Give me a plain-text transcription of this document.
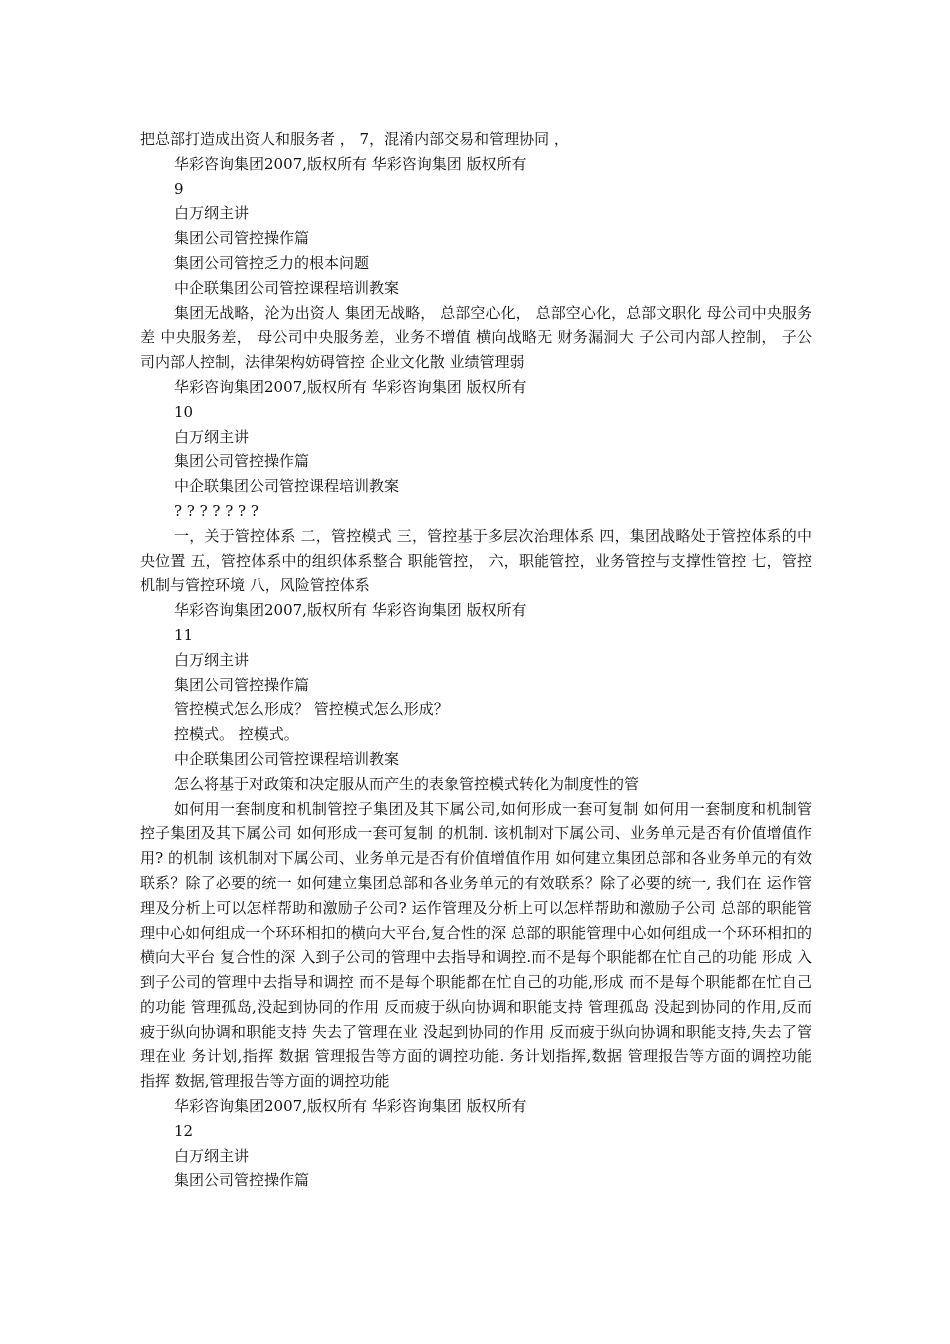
把总部打造成出资人和服务者 ， 7，混淆内部交易和管理协同 ，

华彩咨询集团2007,版权所有 华彩咨询集团 版权所有

9

白万纲主讲

集团公司管控操作篇

集团公司管控乏力的根本问题

中企联集团公司管控课程培训教案

集团无战略，沦为出资人 集团无战略， 总部空心化， 总部空心化，总部文职化 母公司中央服务差 中央服务差， 母公司中央服务差，业务不增值 横向战略无 财务漏洞大 子公司内部人控制， 子公司内部人控制，法律架构妨碍管控 企业文化散 业绩管理弱

华彩咨询集团2007,版权所有 华彩咨询集团 版权所有

10

白万纲主讲

集团公司管控操作篇

中企联集团公司管控课程培训教案

? ? ? ? ? ? ?

一，关于管控体系 二，管控模式 三，管控基于多层次治理体系 四，集团战略处于管控体系的中央位置 五，管控体系中的组织体系整合 职能管控， 六，职能管控，业务管控与支撑性管控 七，管控机制与管控环境 八，风险管控体系

华彩咨询集团2007,版权所有 华彩咨询集团 版权所有

11

白万纲主讲

集团公司管控操作篇

管控模式怎么形成？ 管控模式怎么形成？

控模式。 控模式。

中企联集团公司管控课程培训教案

怎么将基于对政策和决定服从而产生的表象管控模式转化为制度性的管

如何用一套制度和机制管控子集团及其下属公司,如何形成一套可复制 如何用一套制度和机制管控子集团及其下属公司 如何形成一套可复制 的机制. 该机制对下属公司、业务单元是否有价值增值作用? 的机制 该机制对下属公司、业务单元是否有价值增值作用 如何建立集团总部和各业务单元的有效联系？除了必要的统一 如何建立集团总部和各业务单元的有效联系？除了必要的统一, 我们在 运作管理及分析上可以怎样帮助和激励子公司? 运作管理及分析上可以怎样帮助和激励子公司 总部的职能管理中心如何组成一个环环相扣的横向大平台,复合性的深 总部的职能管理中心如何组成一个环环相扣的横向大平台 复合性的深 入到子公司的管理中去指导和调控.而不是每个职能都在忙自己的功能 形成 入到子公司的管理中去指导和调控 而不是每个职能都在忙自己的功能,形成 而不是每个职能都在忙自己的功能 管理孤岛,没起到协同的作用 反而疲于纵向协调和职能支持 管理孤岛 没起到协同的作用,反而疲于纵向协调和职能支持 失去了管理在业 没起到协同的作用 反而疲于纵向协调和职能支持,失去了管理在业 务计划,指挥 数据 管理报告等方面的调控功能. 务计划指挥,数据 管理报告等方面的调控功能 指挥 数据,管理报告等方面的调控功能

华彩咨询集团2007,版权所有 华彩咨询集团 版权所有

12

白万纲主讲

集团公司管控操作篇
